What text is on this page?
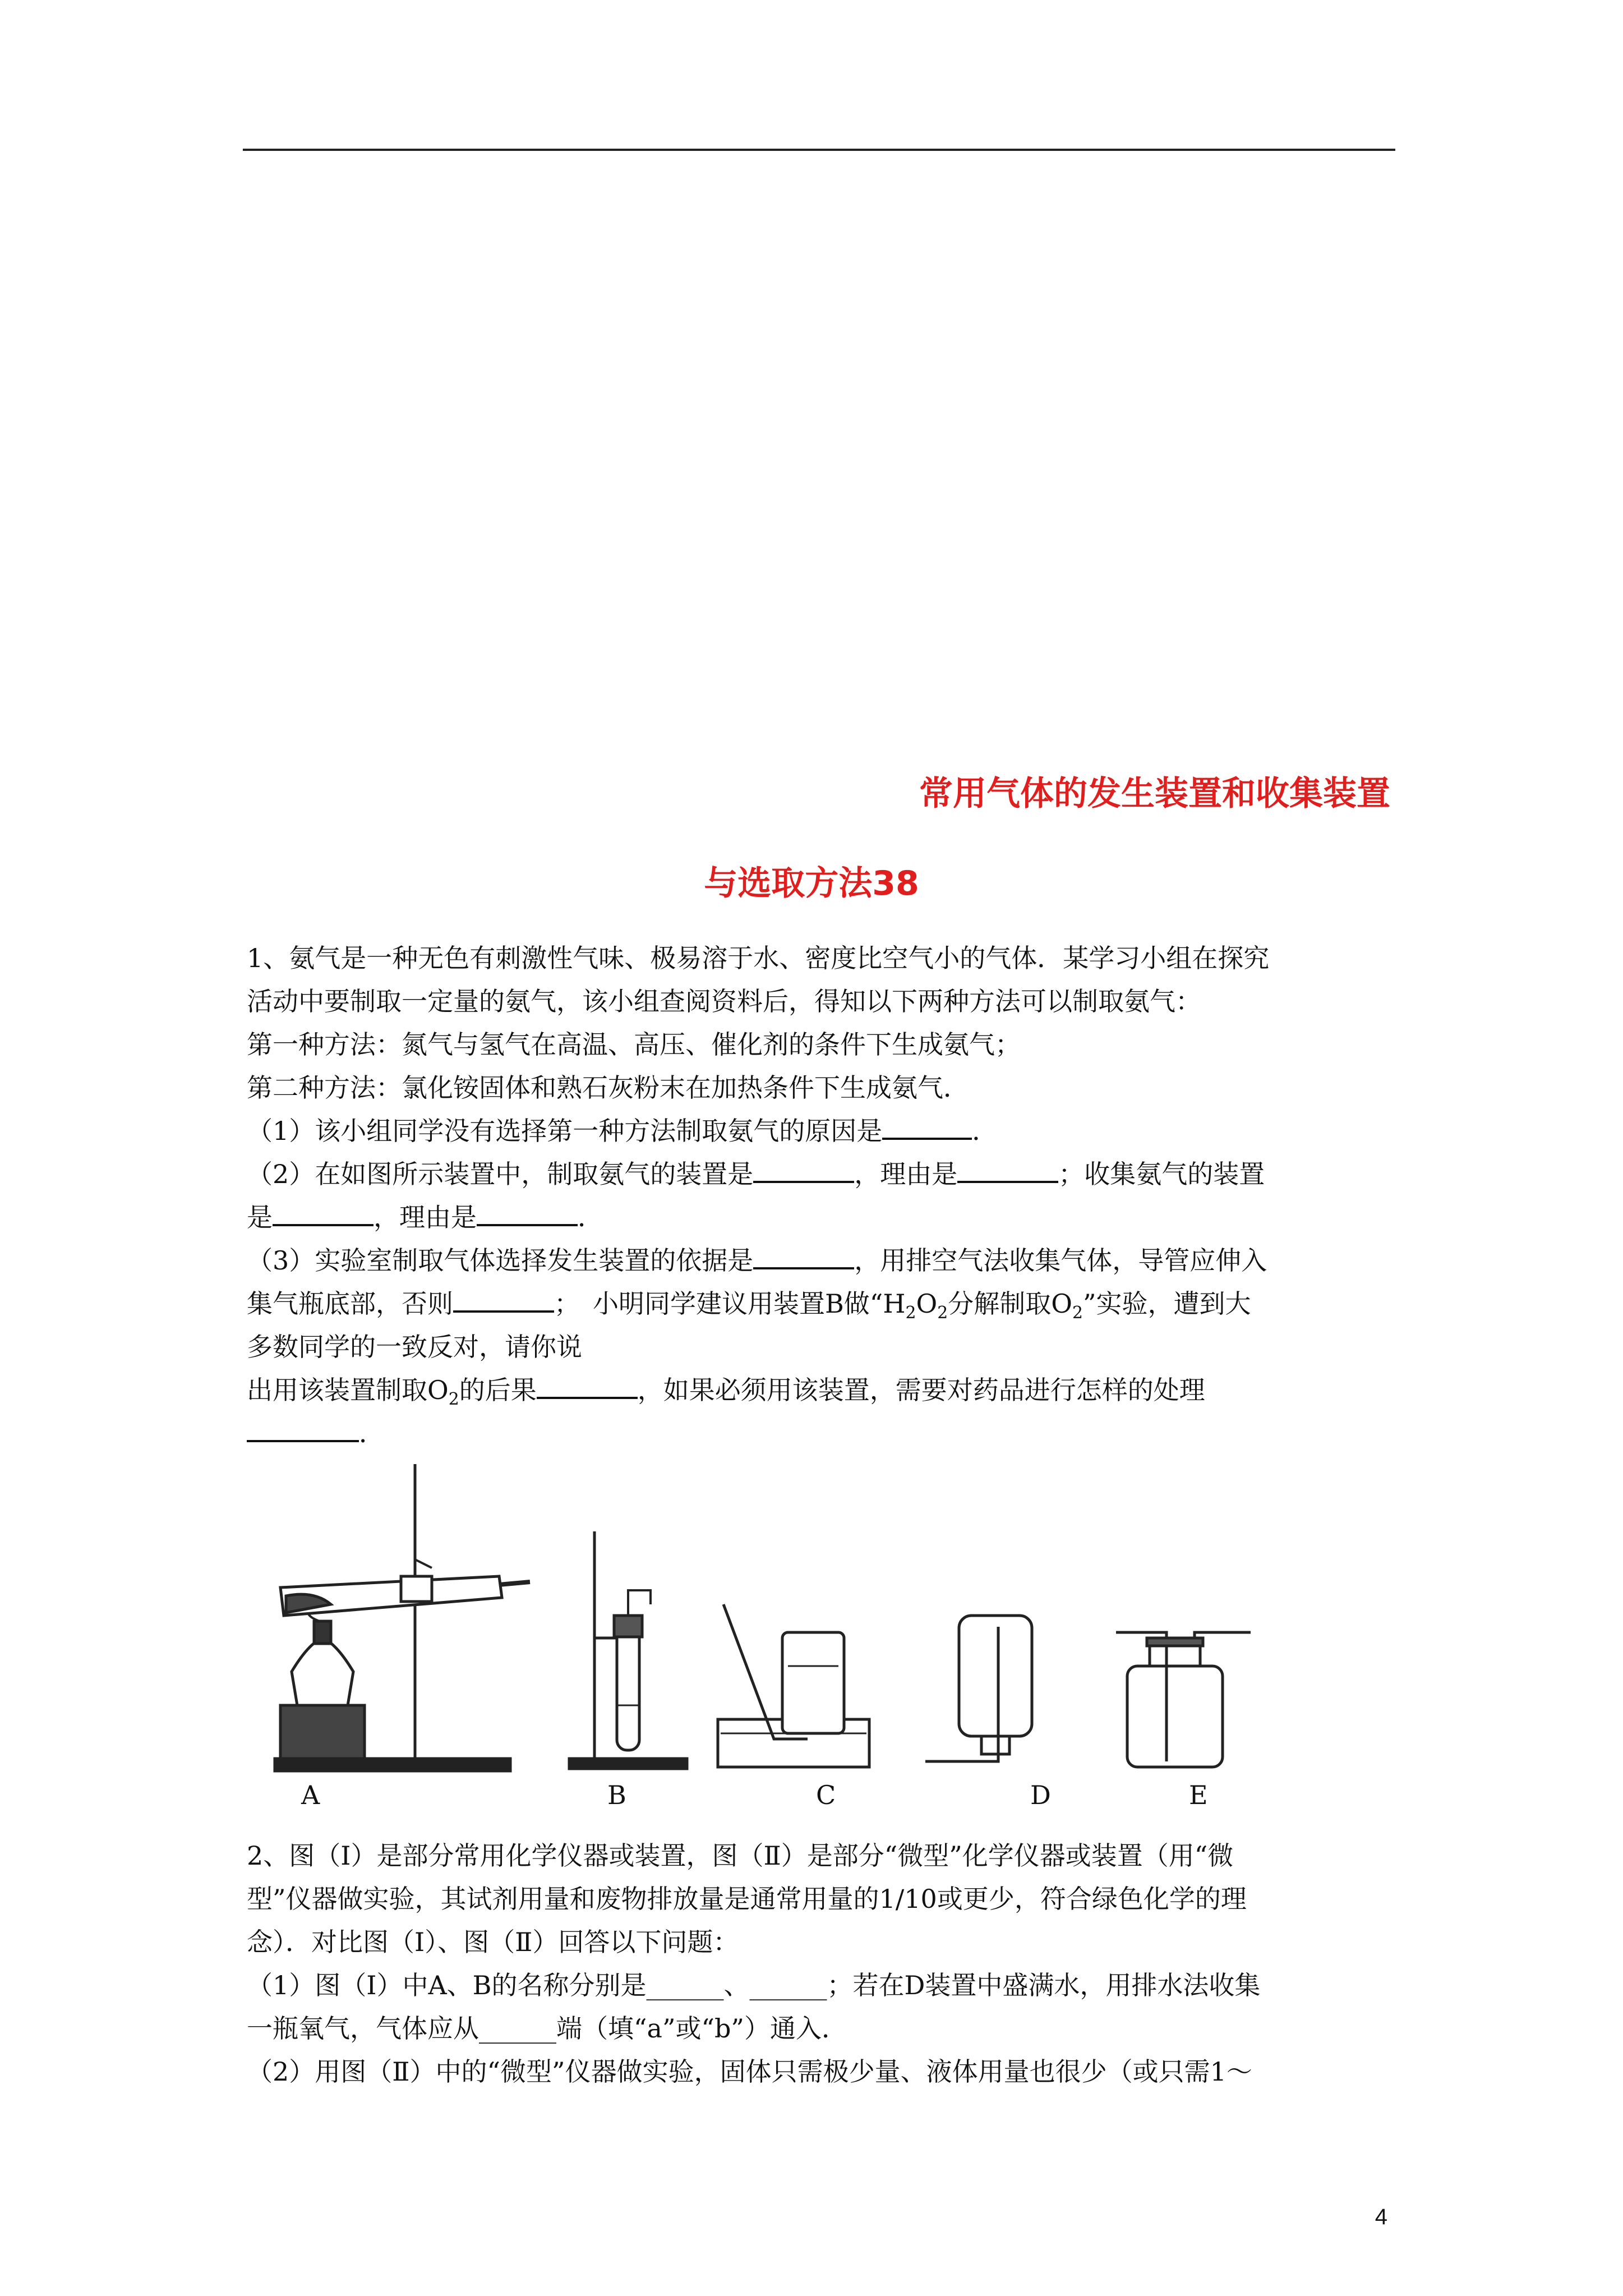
常用气体的发生装置和收集装置
与选取方法38
1、氨气是一种无色有刺激性气味、极易溶于水、密度比空气小的气体．某学习小组在探究
活动中要制取一定量的氨气，该小组查阅资料后，得知以下两种方法可以制取氨气：
第一种方法：氮气与氢气在高温、高压、催化剂的条件下生成氨气；
第二种方法：氯化铵固体和熟石灰粉末在加热条件下生成氨气．
（1）该小组同学没有选择第一种方法制取氨气的原因是	．
（2）在如图所示装置中，制取氨气的装置是	，理由是	；收集氨气的装置
是	，理由是	．
（3）实验室制取气体选择发生装置的依据是	，用排空气法收集气体，导管应伸入
集气瓶底部，否则	；　小明同学建议用装置B做“$H_2O_2$分解制取$O_2$”实验，遭到大
多数同学的一致反对，请你说
出用该装置制取$O_2$的后果	，如果必须用该装置，需要对药品进行怎样的处理
．
A	B	C	D	E
2、图（Ⅰ）是部分常用化学仪器或装置，图（Ⅱ）是部分“微型”化学仪器或装置（用“微
型”仪器做实验，其试剂用量和废物排放量是通常用量的1/10或更少，符合绿色化学的理
念）．对比图（Ⅰ）、图（Ⅱ）回答以下问题：
（1）图（Ⅰ）中A、B的名称分别是______、______；若在D装置中盛满水，用排水法收集
一瓶氧气，气体应从______端（填“a”或“b”）通入．
（2）用图（Ⅱ）中的“微型”仪器做实验，固体只需极少量、液体用量也很少（或只需1～
4
